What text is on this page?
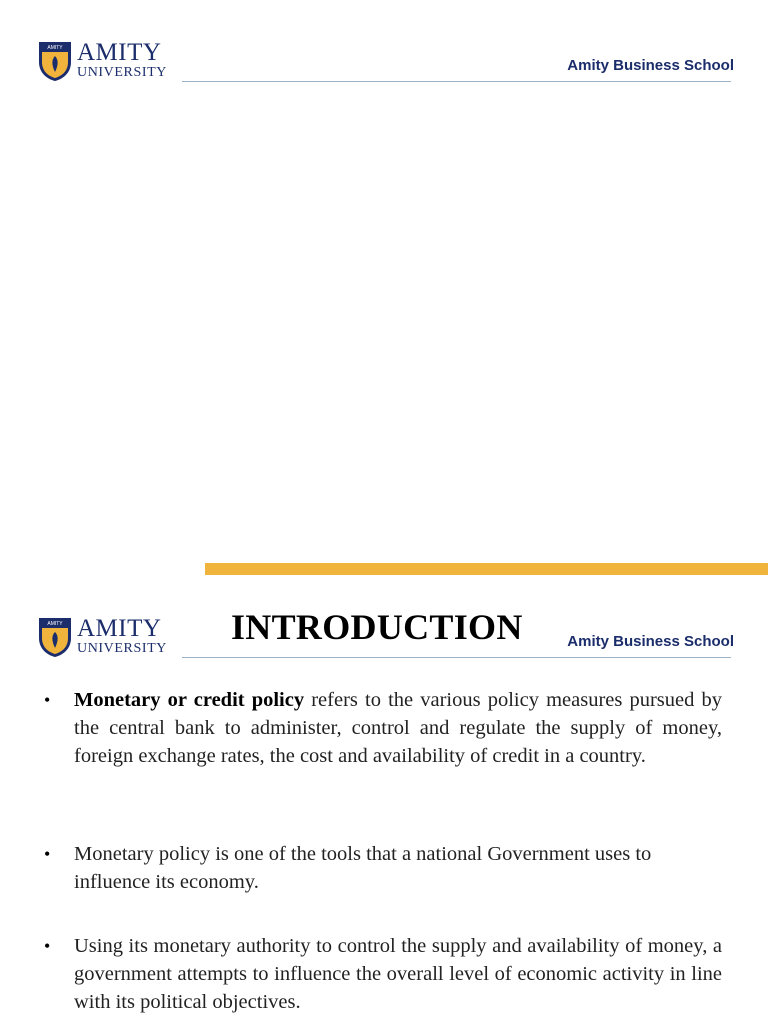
AMITY AMITY
UNIVERSITY	Amity Business School
AMITY AMITY
UNIVERSITY
INTRODUCTION	Amity Business School
•	Monetary or credit policy refers to the various policy measures pursued by the central bank to administer, control and regulate the supply of money, foreign exchange rates, the cost and availability of credit in a country.
•	Monetary policy is one of the tools that a national Government uses to influence its economy.
•	Using its monetary authority to control the supply and availability of money, a government attempts to influence the overall level of economic activity in line with its political objectives.
